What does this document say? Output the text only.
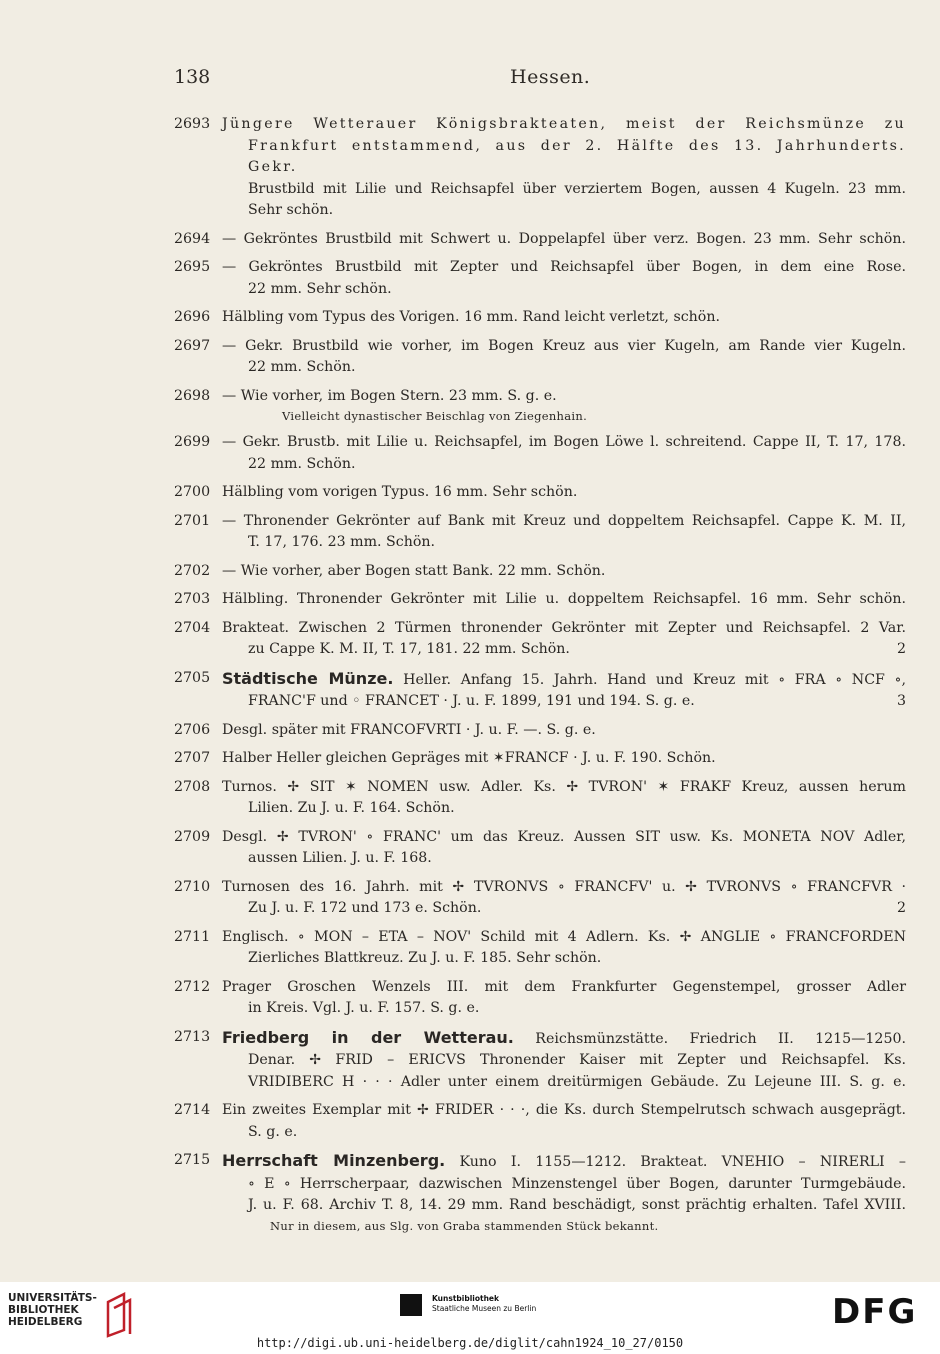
138	Hessen.
2693 Jüngere Wetterauer Königsbrakteaten, meist der Reichsmünze zu
Frankfurt entstammend, aus der 2. Hälfte des 13. Jahrhunderts. Gekr.
Brustbild mit Lilie und Reichsapfel über verziertem Bogen, aussen 4 Kugeln. 23 mm.
Sehr schön.
2694 — Gekröntes Brustbild mit Schwert u. Doppelapfel über verz. Bogen. 23 mm. Sehr schön.
2695 — Gekröntes Brustbild mit Zepter und Reichsapfel über Bogen, in dem eine Rose.
22 mm. Sehr schön.
2696 Hälbling vom Typus des Vorigen. 16 mm. Rand leicht verletzt, schön.
2697 — Gekr. Brustbild wie vorher, im Bogen Kreuz aus vier Kugeln, am Rande vier Kugeln.
22 mm. Schön.
2698 — Wie vorher, im Bogen Stern. 23 mm. S. g. e.
Vielleicht dynastischer Beischlag von Ziegenhain.
2699 — Gekr. Brustb. mit Lilie u. Reichsapfel, im Bogen Löwe l. schreitend. Cappe II, T. 17, 178.
22 mm. Schön.
2700 Hälbling vom vorigen Typus. 16 mm. Sehr schön.
2701 — Thronender Gekrönter auf Bank mit Kreuz und doppeltem Reichsapfel. Cappe K. M. II,
T. 17, 176. 23 mm. Schön.
2702 — Wie vorher, aber Bogen statt Bank. 22 mm. Schön.
2703 Hälbling. Thronender Gekrönter mit Lilie u. doppeltem Reichsapfel. 16 mm. Sehr schön.
2704 Brakteat. Zwischen 2 Türmen thronender Gekrönter mit Zepter und Reichsapfel. 2 Var.
zu Cappe K. M. II, T. 17, 181. 22 mm. Schön.	2
2705 Städtische Münze. Heller. Anfang 15. Jahrh. Hand und Kreuz mit ∘ FRA ∘ NCF ∘,
FRANC'F und ◦ FRANCET · J. u. F. 1899, 191 und 194. S. g. e.	3
2706 Desgl. später mit FRANCOFVRTI · J. u. F. —. S. g. e.
2707 Halber Heller gleichen Gepräges mit ✶FRANCF · J. u. F. 190. Schön.
2708 Turnos. ✢ SIT ✶ NOMEN usw. Adler. Ks. ✢ TVRON' ✶ FRAKF Kreuz, aussen herum
Lilien. Zu J. u. F. 164. Schön.
2709 Desgl. ✢ TVRON' ∘ FRANC' um das Kreuz. Aussen SIT usw. Ks. MONETA NOV Adler,
aussen Lilien. J. u. F. 168.
2710 Turnosen des 16. Jahrh. mit ✢ TVRONVS ∘ FRANCFV' u. ✢ TVRONVS ∘ FRANCFVR ·
Zu J. u. F. 172 und 173 e. Schön.	2
2711 Englisch. ∘ MON – ETA – NOV' Schild mit 4 Adlern. Ks. ✢ ANGLIE ∘ FRANCFORDEN
Zierliches Blattkreuz. Zu J. u. F. 185. Sehr schön.
2712 Prager Groschen Wenzels III. mit dem Frankfurter Gegenstempel, grosser Adler
in Kreis. Vgl. J. u. F. 157. S. g. e.
2713 Friedberg in der Wetterau. Reichsmünzstätte. Friedrich II. 1215—1250.
Denar. ✢ FRID – ERICVS Thronender Kaiser mit Zepter und Reichsapfel. Ks.
VRIDIBERC H · · · Adler unter einem dreitürmigen Gebäude. Zu Lejeune III. S. g. e.
2714 Ein zweites Exemplar mit ✢ FRIDER · · ·, die Ks. durch Stempelrutsch schwach ausgeprägt.
S. g. e.
2715 Herrschaft Minzenberg. Kuno I. 1155—1212. Brakteat. VNEHIO – NIRERLI –
∘ E ∘ Herrscherpaar, dazwischen Minzenstengel über Bogen, darunter Turmgebäude.
J. u. F. 68. Archiv T. 8, 14. 29 mm. Rand beschädigt, sonst prächtig erhalten. Tafel XVIII.
Nur in diesem, aus Slg. von Graba stammenden Stück bekannt.
UNIVERSITÄTS-
BIBLIOTHEK
HEIDELBERG
Kunstbibliothek
Staatliche Museen zu Berlin	DFG
http://digi.ub.uni-heidelberg.de/diglit/cahn1924_10_27/0150
